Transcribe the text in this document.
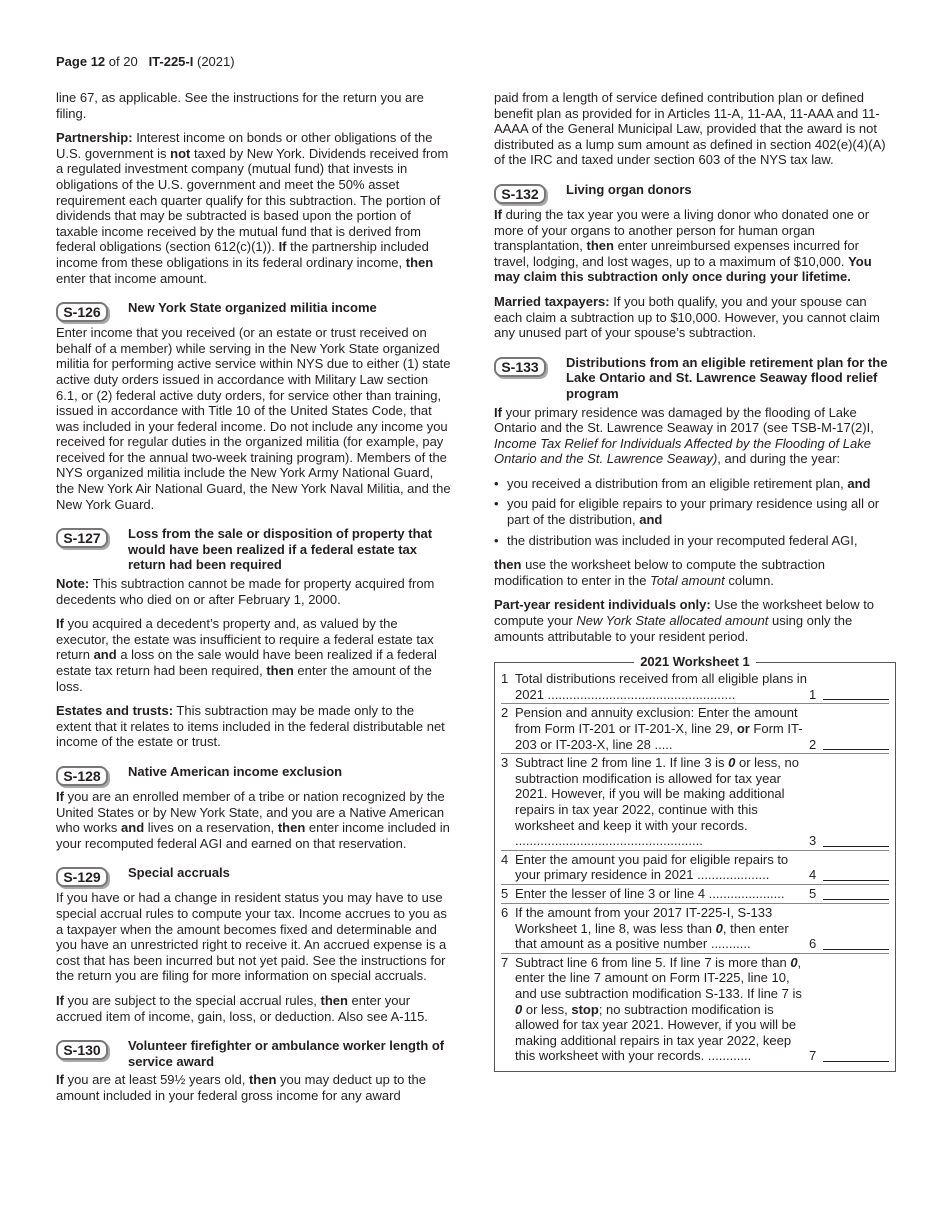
Page 12 of 20 IT-225-I (2021)

line 67, as applicable. See the instructions for the return you are filing.

Partnership: Interest income on bonds or other obligations of the U.S. government is not taxed by New York. Dividends received from a regulated investment company (mutual fund) that invests in obligations of the U.S. government and meet the 50% asset requirement each quarter qualify for this subtraction. The portion of dividends that may be subtracted is based upon the portion of taxable income received by the mutual fund that is derived from federal obligations (section 612(c)(1)). If the partnership included income from these obligations in its federal ordinary income, then enter that income amount.

S-126	New York State organized militia income

Enter income that you received (or an estate or trust received on behalf of a member) while serving in the New York State organized militia for performing active service within NYS due to either (1) state active duty orders issued in accordance with Military Law section 6.1, or (2) federal active duty orders, for service other than training, issued in accordance with Title 10 of the United States Code, that was included in your federal income. Do not include any income you received for regular duties in the organized militia (for example, pay received for the annual two-week training program). Members of the NYS organized militia include the New York Army National Guard, the New York Air National Guard, the New York Naval Militia, and the New York Guard.

S-127	Loss from the sale or disposition of property that would have been realized if a federal estate tax return had been required

Note: This subtraction cannot be made for property acquired from decedents who died on or after February 1, 2000.

If you acquired a decedent’s property and, as valued by the executor, the estate was insufficient to require a federal estate tax return and a loss on the sale would have been realized if a federal estate tax return had been required, then enter the amount of the loss.

Estates and trusts: This subtraction may be made only to the extent that it relates to items included in the federal distributable net income of the estate or trust.

S-128	Native American income exclusion

If you are an enrolled member of a tribe or nation recognized by the United States or by New York State, and you are a Native American who works and lives on a reservation, then enter income included in your recomputed federal AGI and earned on that reservation.

S-129	Special accruals

If you have or had a change in resident status you may have to use special accrual rules to compute your tax. Income accrues to you as a taxpayer when the amount becomes fixed and determinable and you have an unrestricted right to receive it. An accrued expense is a cost that has been incurred but not yet paid. See the instructions for the return you are filing for more information on special accruals.

If you are subject to the special accrual rules, then enter your accrued item of income, gain, loss, or deduction. Also see A-115.

S-130	Volunteer firefighter or ambulance worker length of service award

If you are at least 59½ years old, then you may deduct up to the amount included in your federal gross income for any award

paid from a length of service defined contribution plan or defined benefit plan as provided for in Articles 11-A, 11-AA, 11-AAA and 11-AAAA of the General Municipal Law, provided that the award is not distributed as a lump sum amount as defined in section 402(e)(4)(A) of the IRC and taxed under section 603 of the NYS tax law.

S-132	Living organ donors

If during the tax year you were a living donor who donated one or more of your organs to another person for human organ transplantation, then enter unreimbursed expenses incurred for travel, lodging, and lost wages, up to a maximum of $10,000. You may claim this subtraction only once during your lifetime.

Married taxpayers: If you both qualify, you and your spouse can each claim a subtraction up to $10,000. However, you cannot claim any unused part of your spouse’s subtraction.

S-133	Distributions from an eligible retirement plan for the Lake Ontario and St. Lawrence Seaway flood relief program

If your primary residence was damaged by the flooding of Lake Ontario and the St. Lawrence Seaway in 2017 (see TSB-M-17(2)I, Income Tax Relief for Individuals Affected by the Flooding of Lake Ontario and the St. Lawrence Seaway), and during the year:

• you received a distribution from an eligible retirement plan, and
• you paid for eligible repairs to your primary residence using all or part of the distribution, and
• the distribution was included in your recomputed federal AGI,

then use the worksheet below to compute the subtraction modification to enter in the Total amount column.

Part-year resident individuals only: Use the worksheet below to compute your New York State allocated amount using only the amounts attributable to your resident period.

2021 Worksheet 1
1 Total distributions received from all eligible plans in 2021 ....................................................	1
2 Pension and annuity exclusion: Enter the amount from Form IT-201 or IT-201-X, line 29, or Form IT-203 or IT-203-X, line 28 .....	2
3 Subtract line 2 from line 1. If line 3 is 0 or less, no subtraction modification is allowed for tax year 2021. However, if you will be making additional repairs in tax year 2022, continue with this worksheet and keep it with your records. ....................................................	3
4 Enter the amount you paid for eligible repairs to your primary residence in 2021 ....................	4
5 Enter the lesser of line 3 or line 4 .....................	5
6 If the amount from your 2017 IT-225-I, S-133 Worksheet 1, line 8, was less than 0, then enter that amount as a positive number ...........	6
7 Subtract line 6 from line 5. If line 7 is more than 0, enter the line 7 amount on Form IT-225, line 10, and use subtraction modification S-133. If line 7 is 0 or less, stop; no subtraction modification is allowed for tax year 2021. However, if you will be making additional repairs in tax year 2022, keep this worksheet with your records. ............	7
